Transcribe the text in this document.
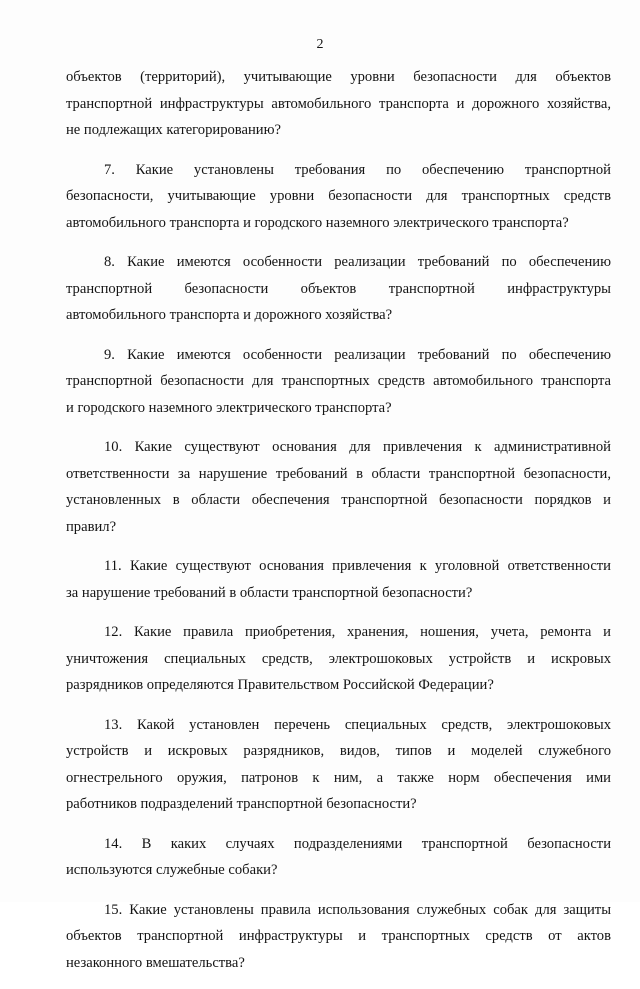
2

объектов (территорий), учитывающие уровни безопасности для объектов
транспортной инфраструктуры автомобильного транспорта и дорожного хозяйства,
не подлежащих категорированию?

7. Какие установлены требования по обеспечению транспортной
безопасности, учитывающие уровни безопасности для транспортных средств
автомобильного транспорта и городского наземного электрического транспорта?

8. Какие имеются особенности реализации требований по обеспечению
транспортной безопасности объектов транспортной инфраструктуры
автомобильного транспорта и дорожного хозяйства?

9. Какие имеются особенности реализации требований по обеспечению
транспортной безопасности для транспортных средств автомобильного транспорта
и городского наземного электрического транспорта?

10. Какие существуют основания для привлечения к административной
ответственности за нарушение требований в области транспортной безопасности,
установленных в области обеспечения транспортной безопасности порядков и
правил?

11. Какие существуют основания привлечения к уголовной ответственности
за нарушение требований в области транспортной безопасности?

12. Какие правила приобретения, хранения, ношения, учета, ремонта и
уничтожения специальных средств, электрошоковых устройств и искровых
разрядников определяются Правительством Российской Федерации?

13. Какой установлен перечень специальных средств, электрошоковых
устройств и искровых разрядников, видов, типов и моделей служебного
огнестрельного оружия, патронов к ним, а также норм обеспечения ими
работников подразделений транспортной безопасности?

14. В каких случаях подразделениями транспортной безопасности
используются служебные собаки?

15. Какие установлены правила использования служебных собак для защиты
объектов транспортной инфраструктуры и транспортных средств от актов
незаконного вмешательства?
